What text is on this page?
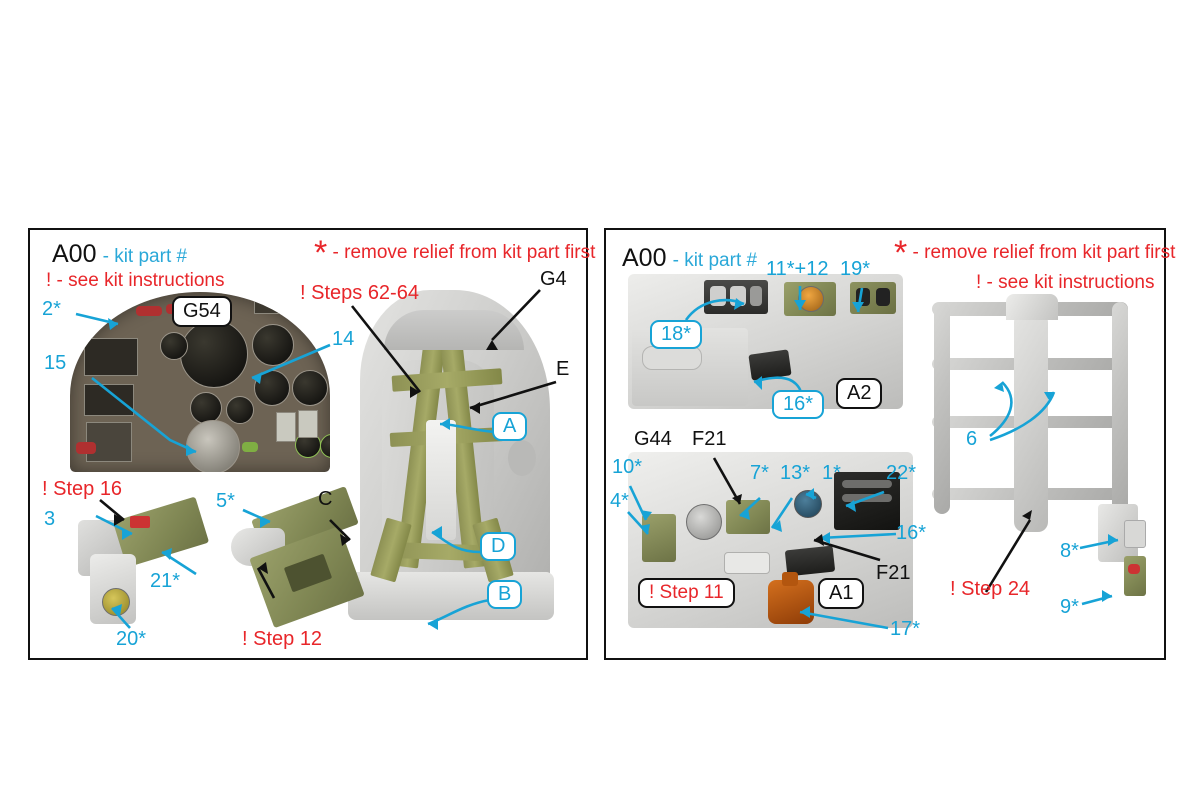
A00 - kit part #
! - see kit instructions
* - remove relief from kit part first
2*
15
14
G54
! Steps 62-64
G4
E
A
D
B
C
! Step 16
3
21*
20*
5*
! Step 12
A00 - kit part #	* - remove relief from kit part first
! - see kit instructions
18*
11*+12 19*
16*	A2
G44 F21
7* 13* 1* 22*
16*
10*
4*
! Step 11	A1
F21
17*
6
! Step 24
8*
9*
